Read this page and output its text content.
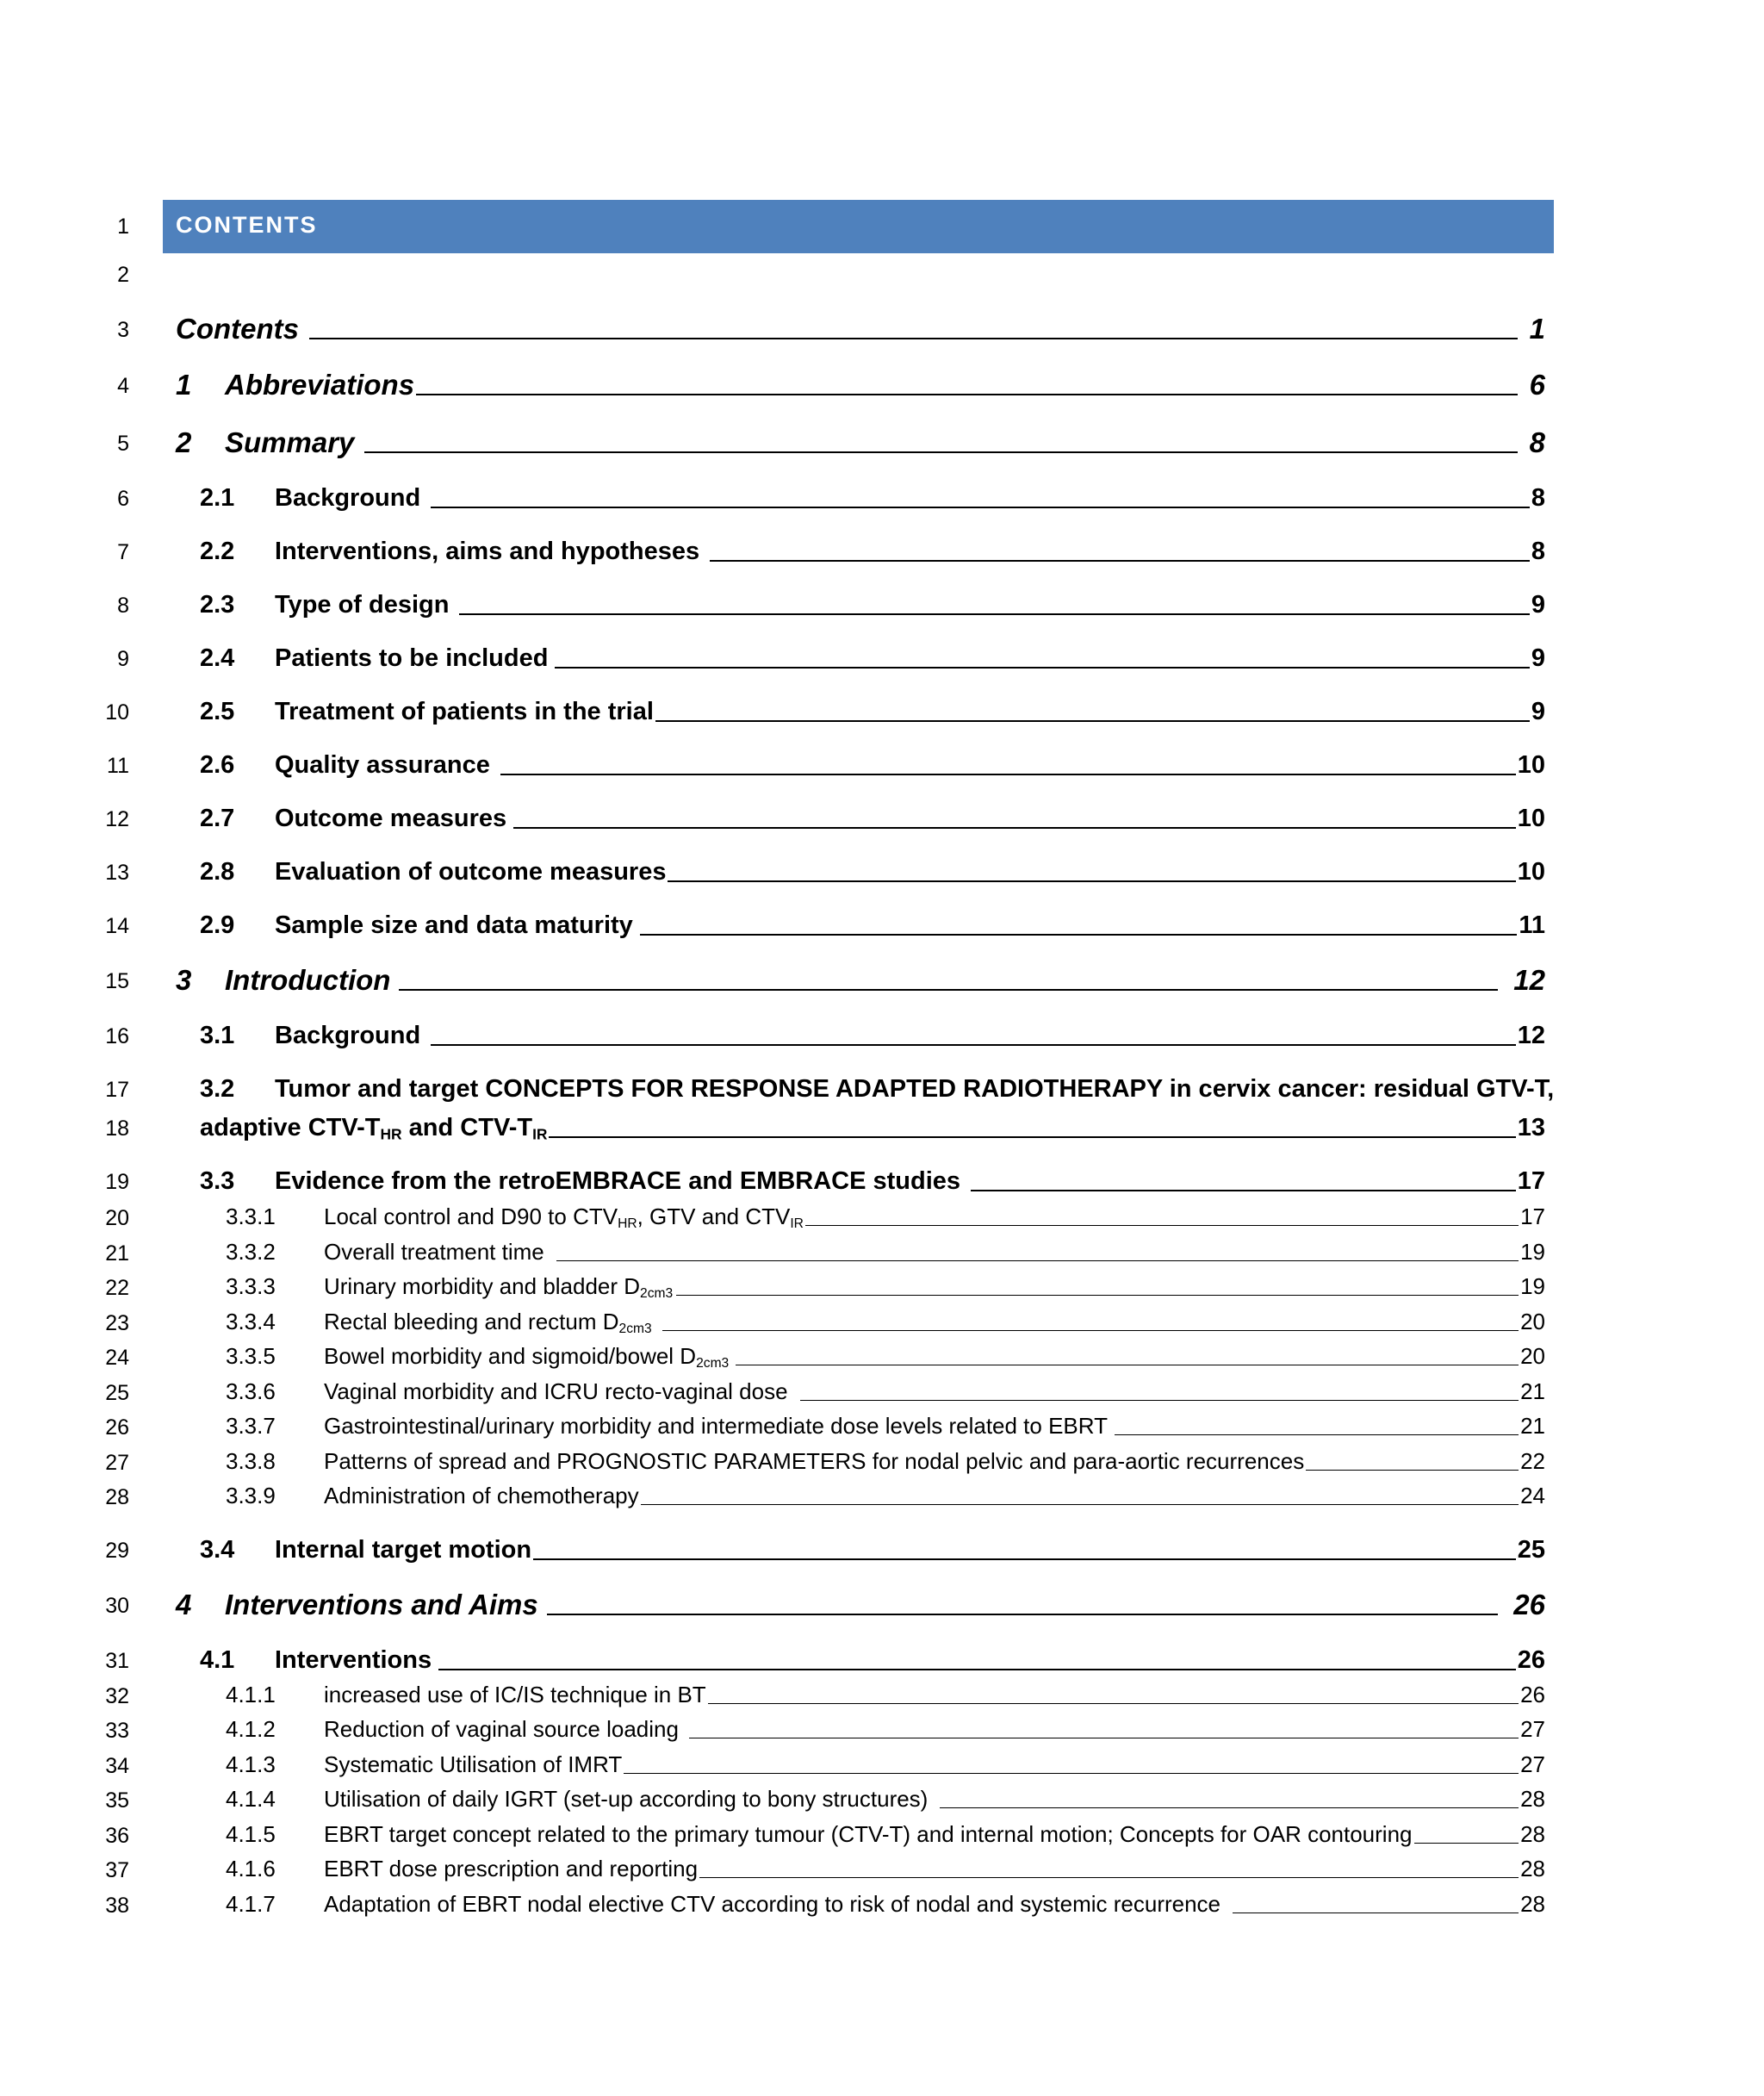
CONTENTS
1
2
3
4
5
6
7
8
9
10
11
12
13
14
15
16
17
18
19
20
21
22
23
24
25
26
27
28
29
30
31
32
33
34
35
36
37
38
Contents	1
1	Abbreviations	6
2	Summary	8
2.1	Background	8
2.2	Interventions, aims and hypotheses	8
2.3	Type of design	9
2.4	Patients to be included	9
2.5	Treatment of patients in the trial	9
2.6	Quality assurance	10
2.7	Outcome measures	10
2.8	Evaluation of outcome measures	10
2.9	Sample size and data maturity	11
3	Introduction	12
3.1	Background	12
3.2	Tumor and target CONCEPTS FOR RESPONSE ADAPTED RADIOTHERAPY in cervix cancer: residual GTV-T,
adaptive CTV-$T_{HR}$ and CTV-$T_{IR}$	13
3.3	Evidence from the retroEMBRACE and EMBRACE studies	17
3.3.1	Local control and D90 to $CTV_{HR}$, GTV and $CTV_{IR}$	17
3.3.2	Overall treatment time	19
3.3.3	Urinary morbidity and bladder $D_{2cm3}$	19
3.3.4	Rectal bleeding and rectum $D_{2cm3}$	20
3.3.5	Bowel morbidity and sigmoid/bowel $D_{2cm3}$	20
3.3.6	Vaginal morbidity and ICRU recto-vaginal dose	21
3.3.7	Gastrointestinal/urinary morbidity and intermediate dose levels related to EBRT	21
3.3.8	Patterns of spread and PROGNOSTIC PARAMETERS for nodal pelvic and para-aortic recurrences	22
3.3.9	Administration of chemotherapy	24
3.4	Internal target motion	25
4	Interventions and Aims	26
4.1	Interventions	26
4.1.1	increased use of IC/IS technique in BT	26
4.1.2	Reduction of vaginal source loading	27
4.1.3	Systematic Utilisation of IMRT	27
4.1.4	Utilisation of daily IGRT (set-up according to bony structures)	28
4.1.5	EBRT target concept related to the primary tumour (CTV-T) and internal motion; Concepts for OAR contouring	28
4.1.6	EBRT dose prescription and reporting	28
4.1.7	Adaptation of EBRT nodal elective CTV according to risk of nodal and systemic recurrence	28
